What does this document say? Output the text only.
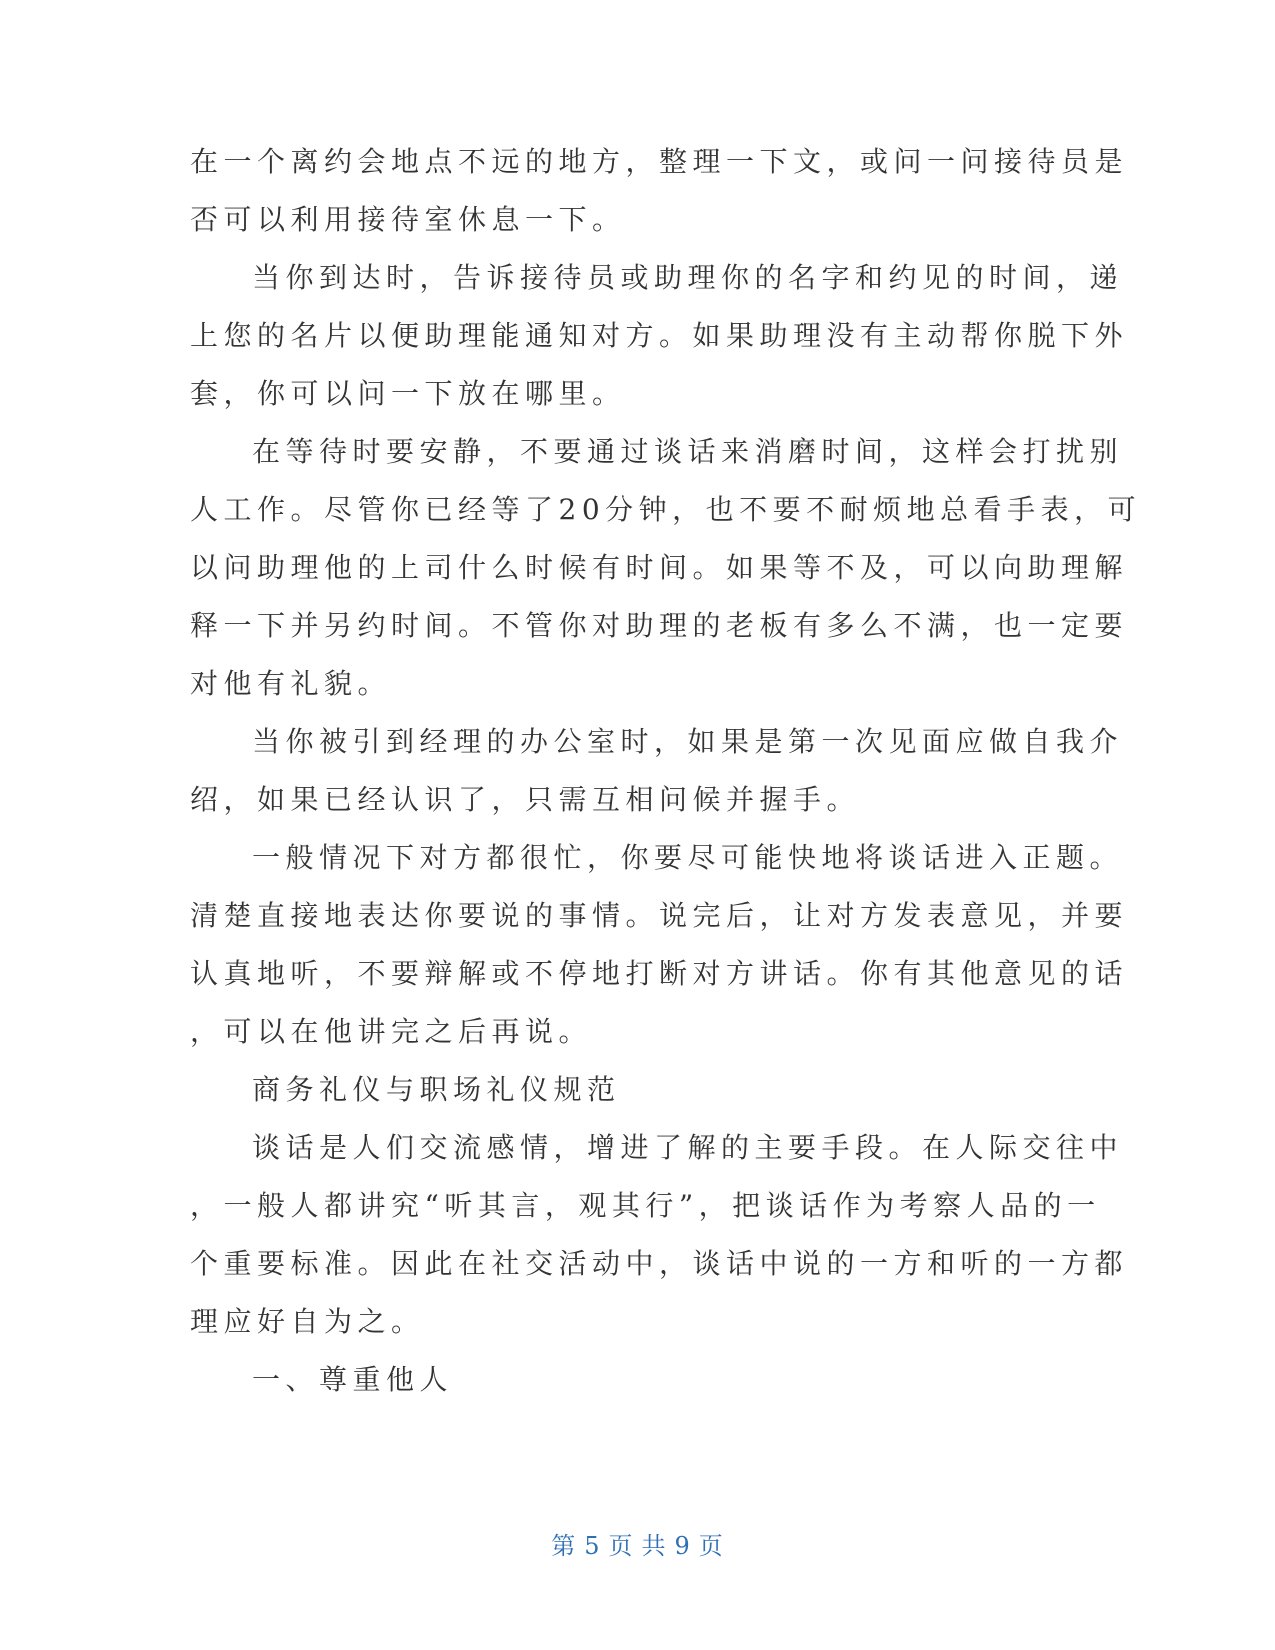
在一个离约会地点不远的地方，整理一下文，或问一问接待员是
否可以利用接待室休息一下。
当你到达时，告诉接待员或助理你的名字和约见的时间，递
上您的名片以便助理能通知对方。如果助理没有主动帮你脱下外
套，你可以问一下放在哪里。
在等待时要安静，不要通过谈话来消磨时间，这样会打扰别
人工作。尽管你已经等了20分钟，也不要不耐烦地总看手表，可
以问助理他的上司什么时候有时间。如果等不及，可以向助理解
释一下并另约时间。不管你对助理的老板有多么不满，也一定要
对他有礼貌。
当你被引到经理的办公室时，如果是第一次见面应做自我介
绍，如果已经认识了，只需互相问候并握手。
一般情况下对方都很忙，你要尽可能快地将谈话进入正题。
清楚直接地表达你要说的事情。说完后，让对方发表意见，并要
认真地听，不要辩解或不停地打断对方讲话。你有其他意见的话
，可以在他讲完之后再说。
商务礼仪与职场礼仪规范
谈话是人们交流感情，增进了解的主要手段。在人际交往中
，一般人都讲究“听其言，观其行”，把谈话作为考察人品的一
个重要标准。因此在社交活动中，谈话中说的一方和听的一方都
理应好自为之。
一、尊重他人
第 5 页 共 9 页
